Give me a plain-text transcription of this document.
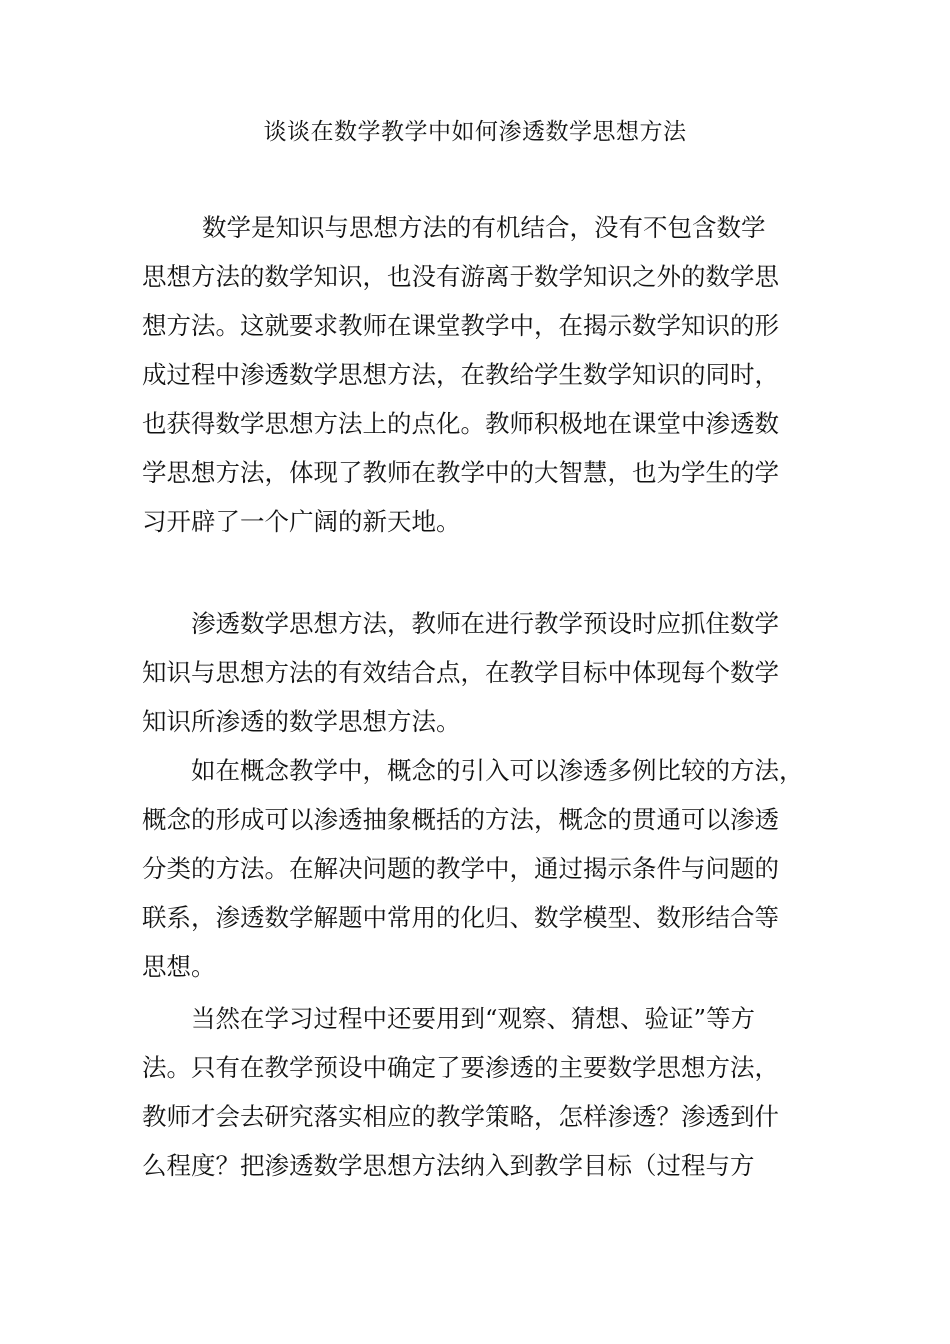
谈谈在数学教学中如何渗透数学思想方法
　　数学是知识与思想方法的有机结合，没有不包含数学
思想方法的数学知识，也没有游离于数学知识之外的数学思
想方法。这就要求教师在课堂教学中，在揭示数学知识的形
成过程中渗透数学思想方法，在教给学生数学知识的同时，
也获得数学思想方法上的点化。教师积极地在课堂中渗透数
学思想方法，体现了教师在教学中的大智慧，也为学生的学
习开辟了一个广阔的新天地。
　　渗透数学思想方法，教师在进行教学预设时应抓住数学
知识与思想方法的有效结合点，在教学目标中体现每个数学
知识所渗透的数学思想方法。
　　如在概念教学中，概念的引入可以渗透多例比较的方法，
概念的形成可以渗透抽象概括的方法，概念的贯通可以渗透
分类的方法。在解决问题的教学中，通过揭示条件与问题的
联系，渗透数学解题中常用的化归、数学模型、数形结合等
思想。
　　当然在学习过程中还要用到“观察、猜想、验证”等方
法。只有在教学预设中确定了要渗透的主要数学思想方法，
教师才会去研究落实相应的教学策略，怎样渗透？渗透到什
么程度？把渗透数学思想方法纳入到教学目标（过程与方
